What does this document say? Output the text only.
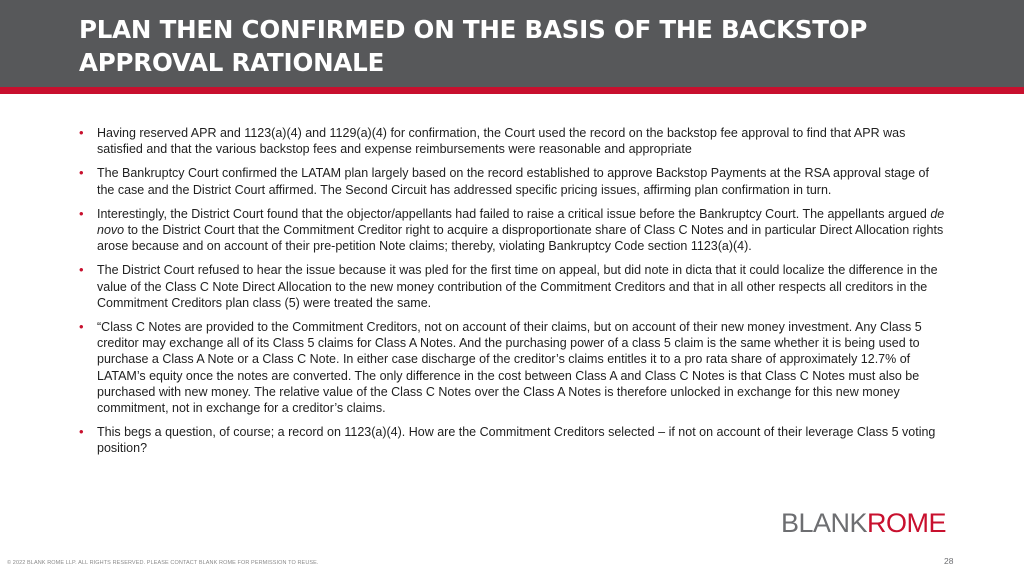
PLAN THEN CONFIRMED ON THE BASIS OF THE BACKSTOP APPROVAL RATIONALE
• Having reserved APR and 1123(a)(4) and 1129(a)(4) for confirmation, the Court used the record on the backstop fee approval to find that APR was satisfied and that the various backstop fees and expense reimbursements were reasonable and appropriate
• The Bankruptcy Court confirmed the LATAM plan largely based on the record established to approve Backstop Payments at the RSA approval stage of the case and the District Court affirmed. The Second Circuit has addressed specific pricing issues, affirming plan confirmation in turn.
• Interestingly, the District Court found that the objector/appellants had failed to raise a critical issue before the Bankruptcy Court. The appellants argued de novo to the District Court that the Commitment Creditor right to acquire a disproportionate share of Class C Notes and in particular Direct Allocation rights arose because and on account of their pre-petition Note claims; thereby, violating Bankruptcy Code section 1123(a)(4).
• The District Court refused to hear the issue because it was pled for the first time on appeal, but did note in dicta that it could localize the difference in the value of the Class C Note Direct Allocation to the new money contribution of the Commitment Creditors and that in all other respects all creditors in the Commitment Creditors plan class (5) were treated the same.
• “Class C Notes are provided to the Commitment Creditors, not on account of their claims, but on account of their new money investment. Any Class 5 creditor may exchange all of its Class 5 claims for Class A Notes. And the purchasing power of a class 5 claim is the same whether it is being used to purchase a Class A Note or a Class C Note. In either case discharge of the creditor’s claims entitles it to a pro rata share of approximately 12.7% of LATAM’s equity once the notes are converted. The only difference in the cost between Class A and Class C Notes is that Class C Notes must also be purchased with new money. The relative value of the Class C Notes over the Class A Notes is therefore unlocked in exchange for this new money commitment, not in exchange for a creditor’s claims.
• This begs a question, of course; a record on 1123(a)(4). How are the Commitment Creditors selected – if not on account of their leverage Class 5 voting position?
BLANKROME
© 2022 BLANK ROME LLP. ALL RIGHTS RESERVED. PLEASE CONTACT BLANK ROME FOR PERMISSION TO REUSE.	28
